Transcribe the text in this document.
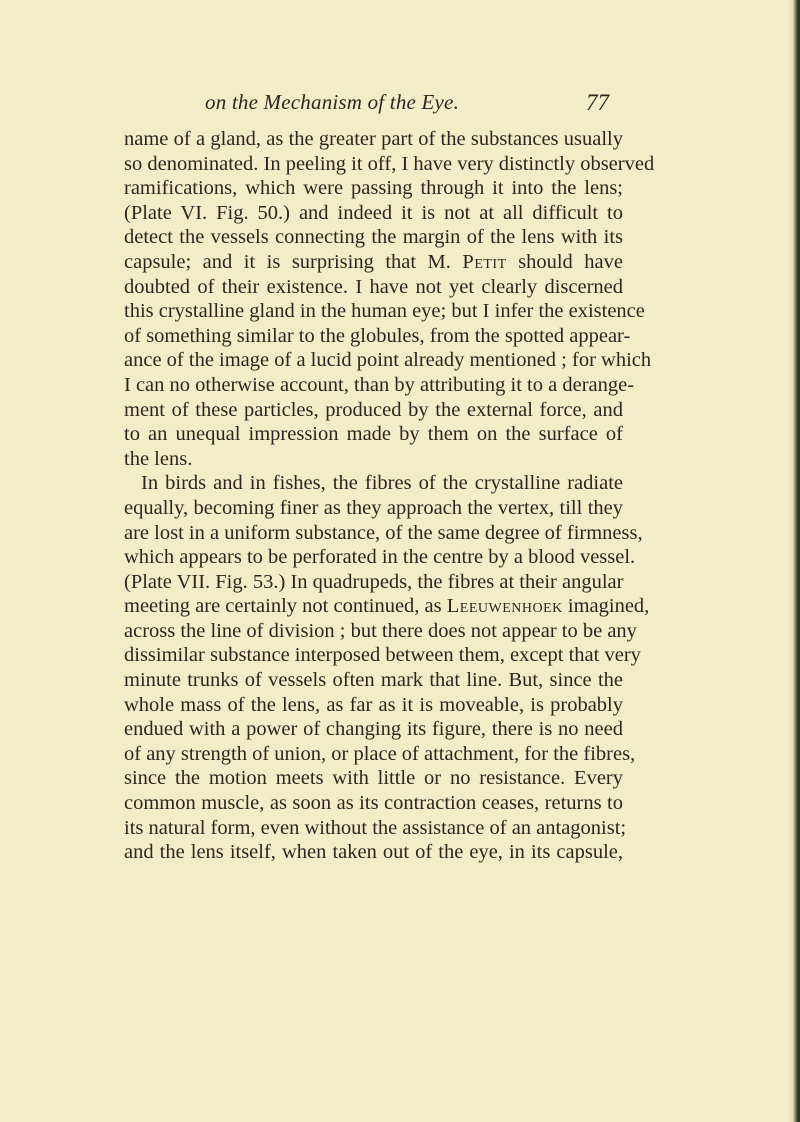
on the Mechanism of the Eye.	77
name of a gland, as the greater part of the substances usually
so denominated. In peeling it off, I have very distinctly observed
ramifications, which were passing through it into the lens;
(Plate VI. Fig. 50.) and indeed it is not at all difficult to
detect the vessels connecting the margin of the lens with its
capsule; and it is surprising that M. Petit should have
doubted of their existence. I have not yet clearly discerned
this crystalline gland in the human eye; but I infer the existence
of something similar to the globules, from the spotted appear-
ance of the image of a lucid point already mentioned ; for which
I can no otherwise account, than by attributing it to a derange-
ment of these particles, produced by the external force, and
to an unequal impression made by them on the surface of
the lens.
In birds and in fishes, the fibres of the crystalline radiate
equally, becoming finer as they approach the vertex, till they
are lost in a uniform substance, of the same degree of firmness,
which appears to be perforated in the centre by a blood vessel.
(Plate VII. Fig. 53.) In quadrupeds, the fibres at their angular
meeting are certainly not continued, as Leeuwenhoek imagined,
across the line of division ; but there does not appear to be any
dissimilar substance interposed between them, except that very
minute trunks of vessels often mark that line. But, since the
whole mass of the lens, as far as it is moveable, is probably
endued with a power of changing its figure, there is no need
of any strength of union, or place of attachment, for the fibres,
since the motion meets with little or no resistance. Every
common muscle, as soon as its contraction ceases, returns to
its natural form, even without the assistance of an antagonist;
and the lens itself, when taken out of the eye, in its capsule,
